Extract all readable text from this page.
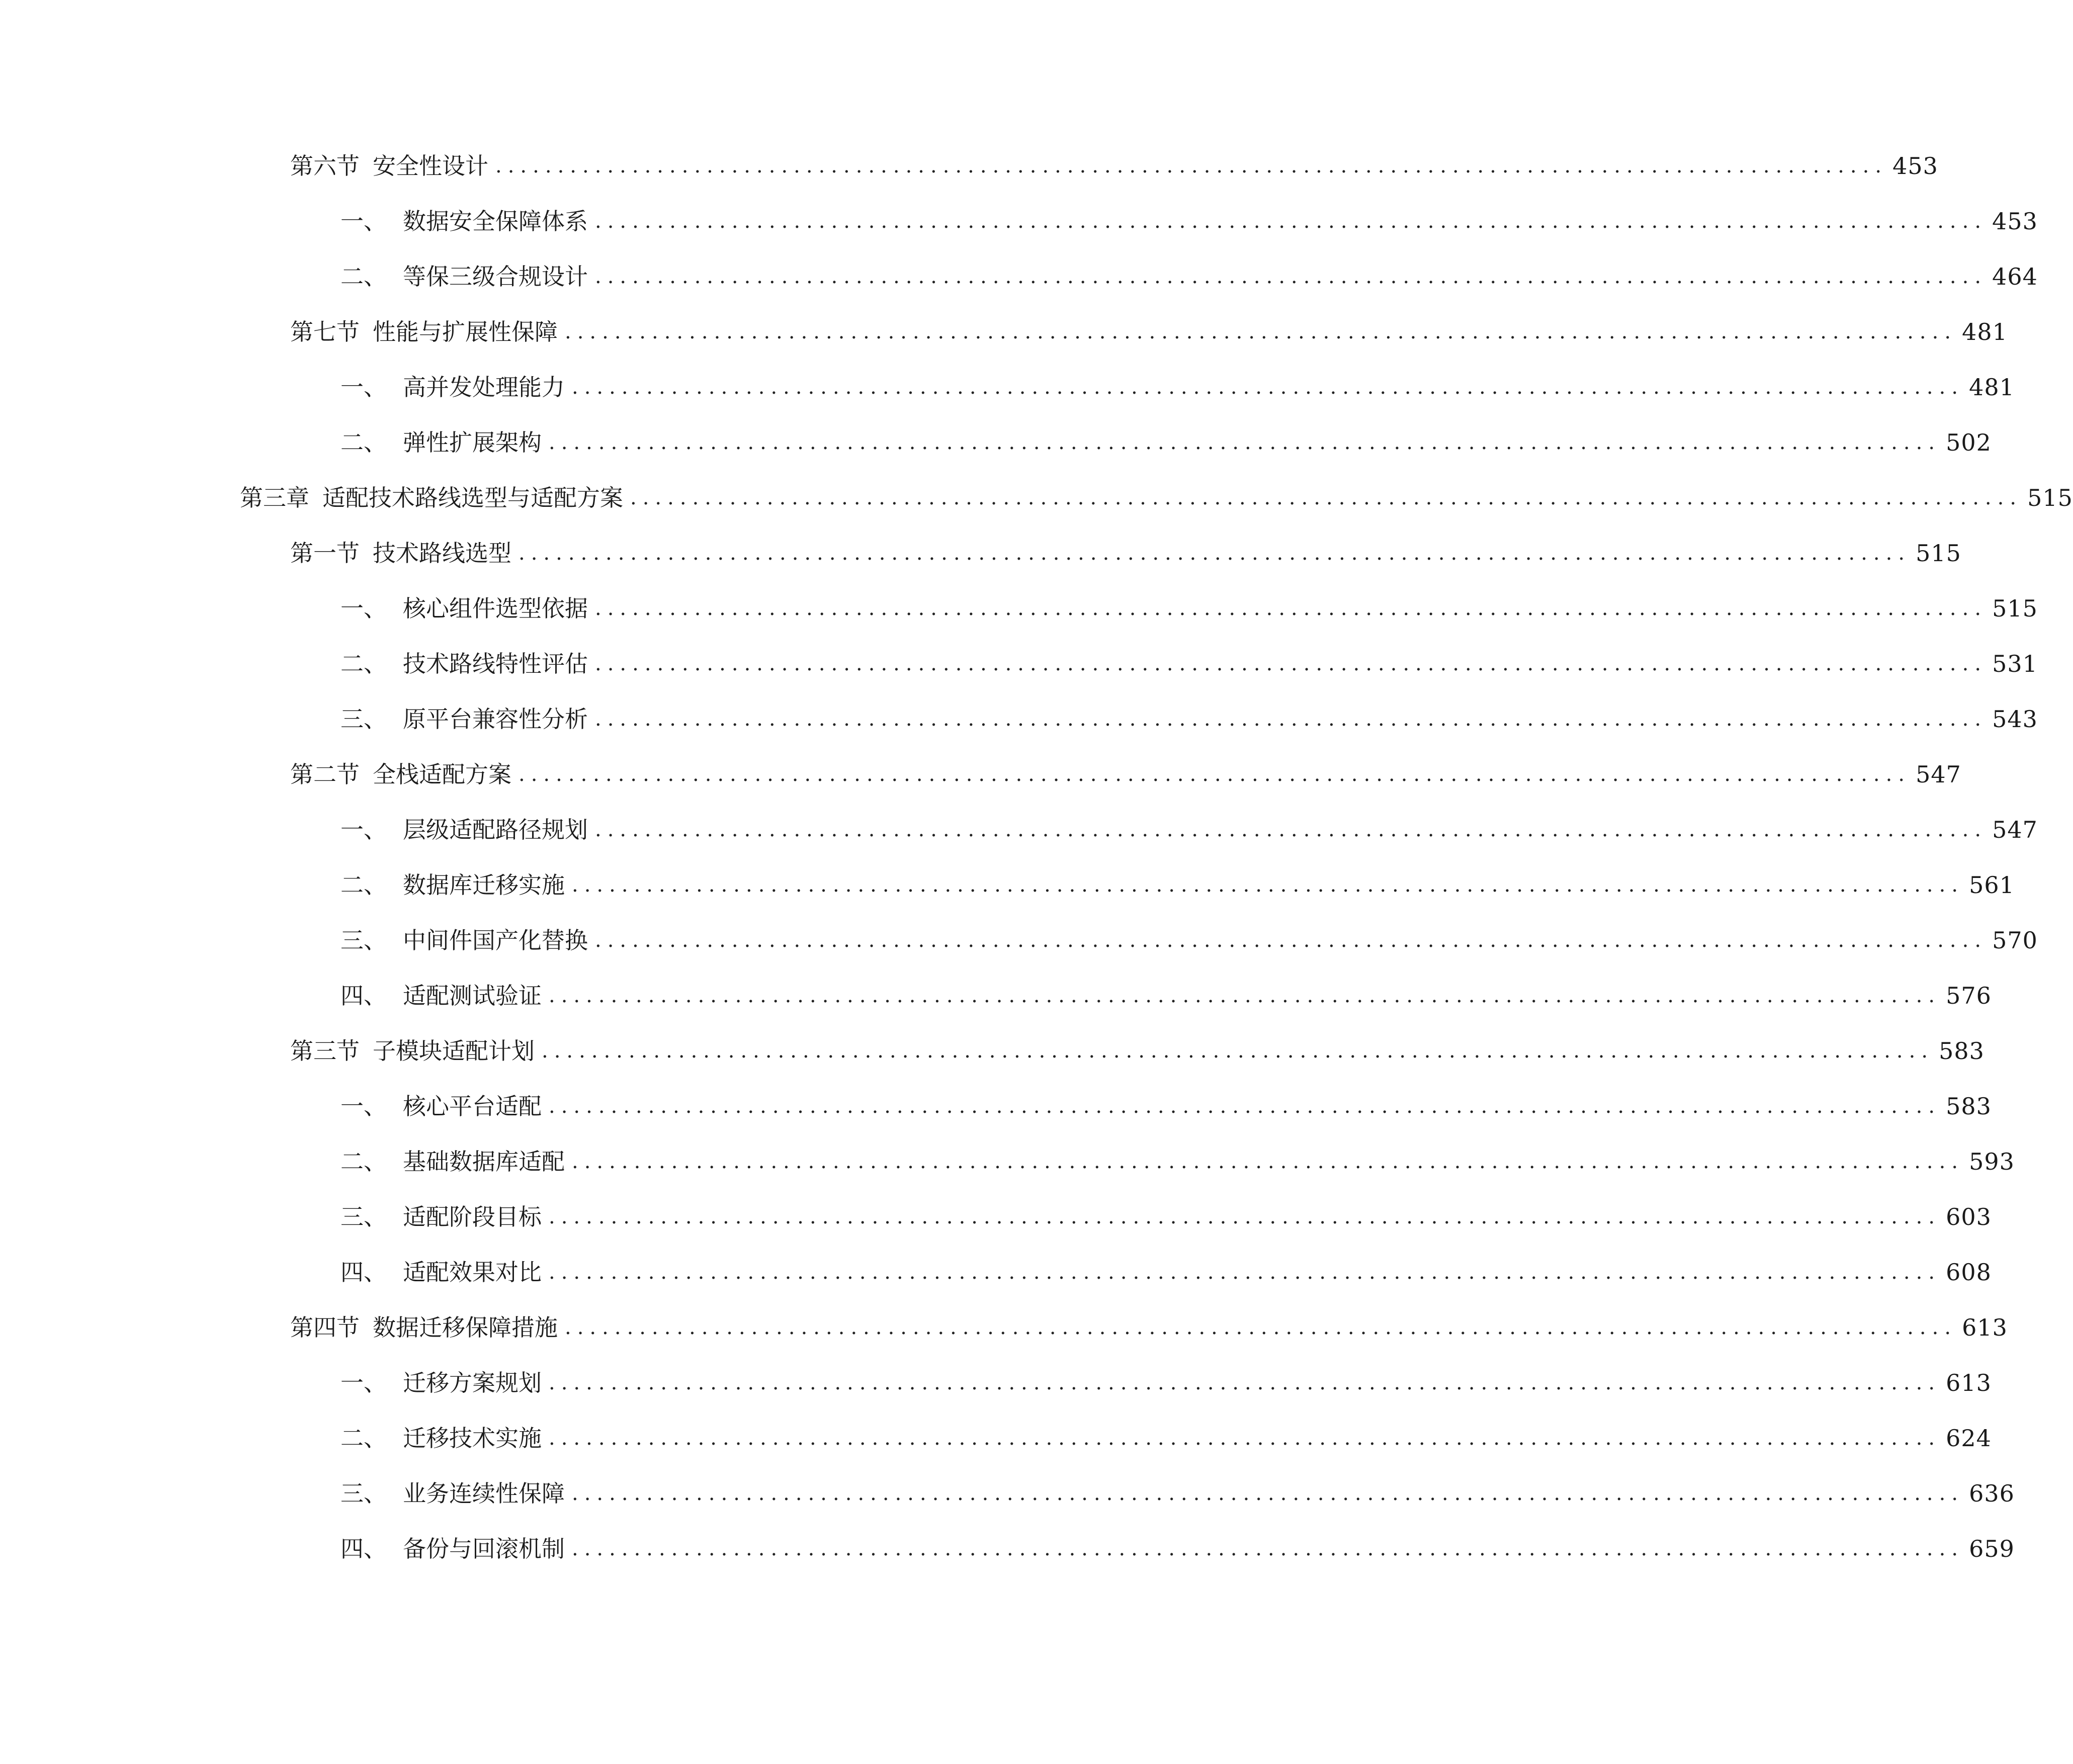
第六节 安全性设计 ................................................................................................................ 453
一、 数据安全保障体系 ................................................................................................................ 453
二、 等保三级合规设计 ................................................................................................................ 464
第七节 性能与扩展性保障 ................................................................................................................ 481
一、 高并发处理能力 ................................................................................................................ 481
二、 弹性扩展架构 ................................................................................................................ 502
第三章 适配技术路线选型与适配方案 ................................................................................................................ 515
第一节 技术路线选型 ................................................................................................................ 515
一、 核心组件选型依据 ................................................................................................................ 515
二、 技术路线特性评估 ................................................................................................................ 531
三、 原平台兼容性分析 ................................................................................................................ 543
第二节 全栈适配方案 ................................................................................................................ 547
一、 层级适配路径规划 ................................................................................................................ 547
二、 数据库迁移实施 ................................................................................................................ 561
三、 中间件国产化替换 ................................................................................................................ 570
四、 适配测试验证 ................................................................................................................ 576
第三节 子模块适配计划 ................................................................................................................ 583
一、 核心平台适配 ................................................................................................................ 583
二、 基础数据库适配 ................................................................................................................ 593
三、 适配阶段目标 ................................................................................................................ 603
四、 适配效果对比 ................................................................................................................ 608
第四节 数据迁移保障措施 ................................................................................................................ 613
一、 迁移方案规划 ................................................................................................................ 613
二、 迁移技术实施 ................................................................................................................ 624
三、 业务连续性保障 ................................................................................................................ 636
四、 备份与回滚机制 ................................................................................................................ 659
